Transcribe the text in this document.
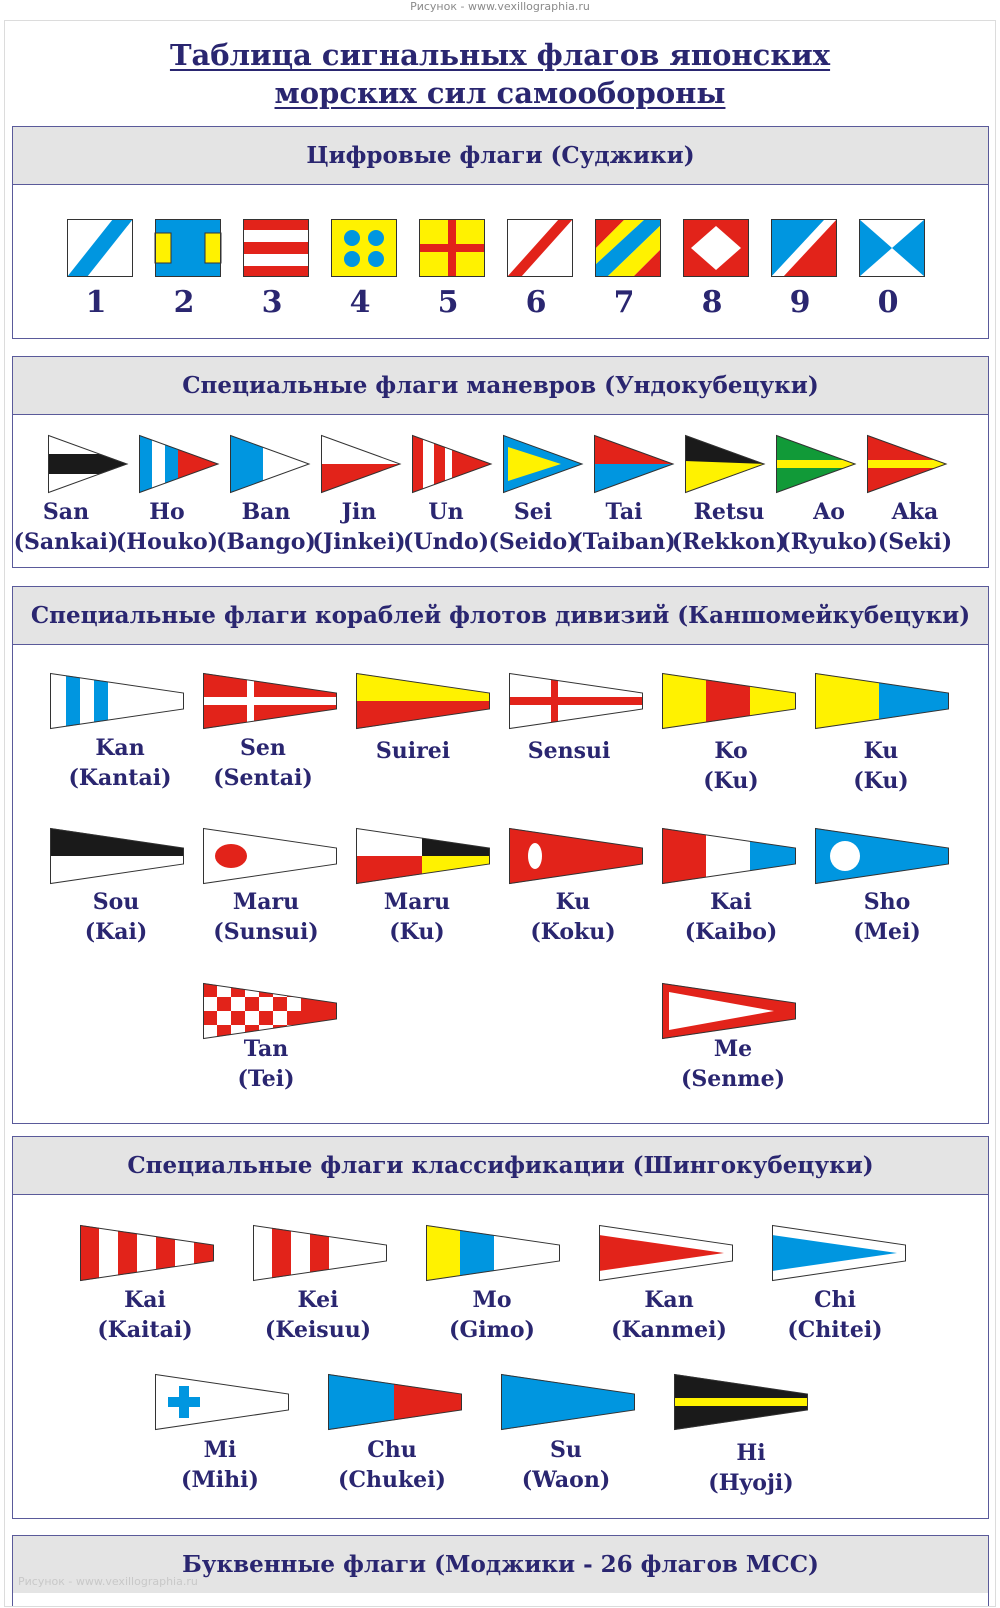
Рисунок - www.vexillographia.ru
Таблица сигнальных флагов японских
морских сил самообороны
Цифровые флаги (Суджики)
1	2	3	4	5	6	7	8	9	0
Специальные флаги маневров (Ундокубецуки)
San
(Sankai)
Ho
(Houko)
Ban
(Bango)
Jin
(Jinkei)
Un
(Undo)
Sei
(Seido)
Tai
(Taiban)
Retsu
(Rekkon)
Ao
(Ryuko)
Aka
(Seki)
Специальные флаги кораблей флотов дивизий (Каншомейкубецуки)
Kan
(Kantai)
Sen
(Sentai)
Suirei	Sensui	Ko
(Ku)
Ku
(Ku)
Sou
(Kai)
Maru
(Sunsui)
Maru
(Ku)
Ku
(Koku)
Kai
(Kaibo)
Sho
(Mei)
Tan
(Tei)
Me
(Senme)
Специальные флаги классификации (Шингокубецуки)
Kai
(Kaitai)
Kei
(Keisuu)
Mo
(Gimo)
Kan
(Kanmei)
Chi
(Chitei)
Mi
(Mihi)
Chu
(Chukei)
Su
(Waon)
Hi
(Hyoji)
Буквенные флаги (Моджики - 26 флагов МСС)
Рисунок - www.vexillographia.ru
